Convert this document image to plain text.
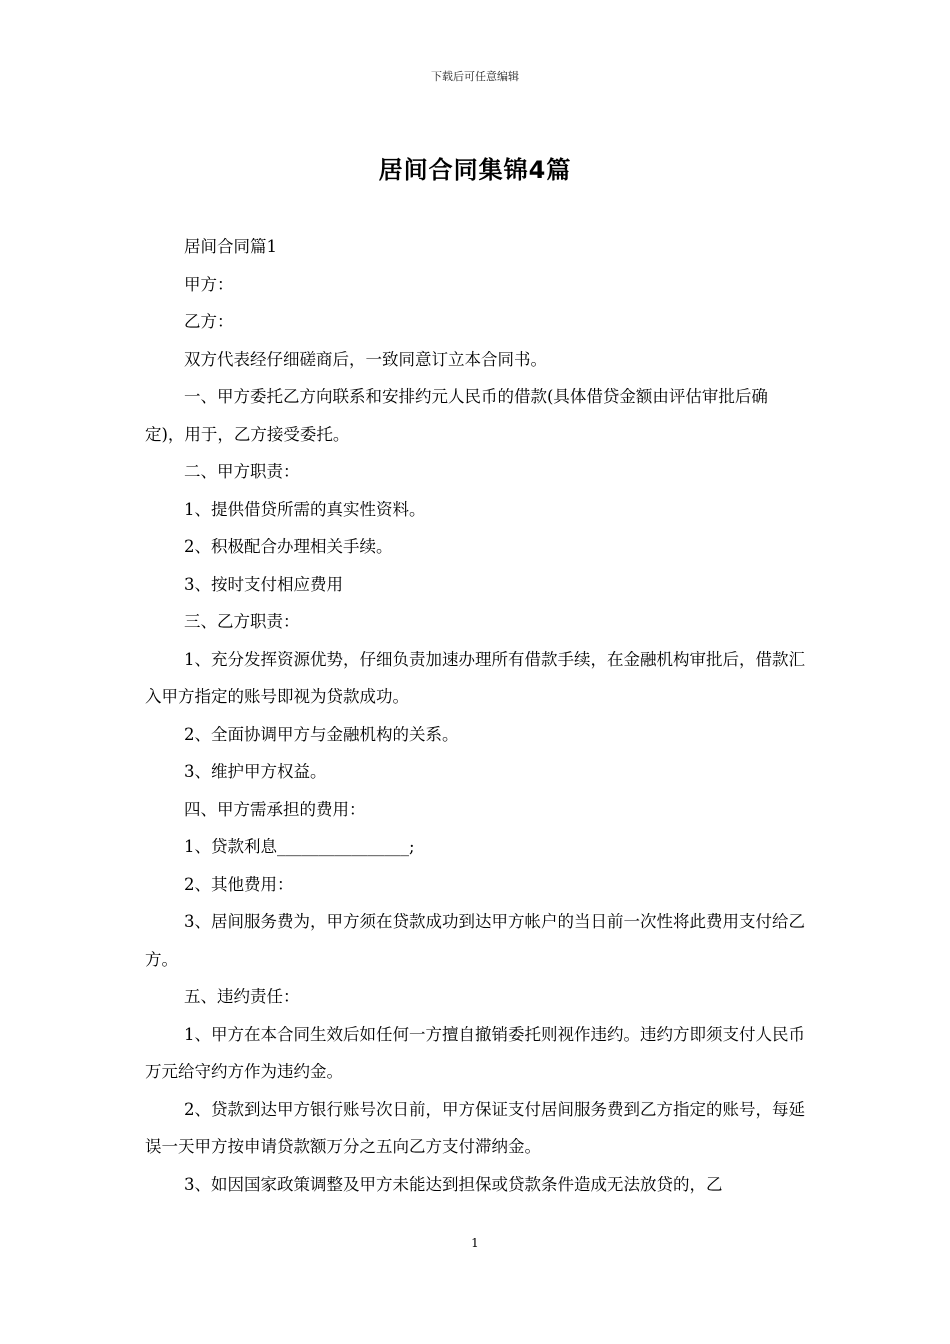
下载后可任意编辑
居间合同集锦4篇

居间合同篇1

甲方：

乙方：

双方代表经仔细磋商后，一致同意订立本合同书。

一、甲方委托乙方向联系和安排约元人民币的借款(具体借贷金额由评估审批后确定)，用于，乙方接受委托。

二、甲方职责：

1、提供借贷所需的真实性资料。

2、积极配合办理相关手续。

3、按时支付相应费用

三、乙方职责：

1、充分发挥资源优势，仔细负责加速办理所有借款手续，在金融机构审批后，借款汇入甲方指定的账号即视为贷款成功。

2、全面协调甲方与金融机构的关系。

3、维护甲方权益。

四、甲方需承担的费用：

1、贷款利息________________;

2、其他费用：

3、居间服务费为，甲方须在贷款成功到达甲方帐户的当日前一次性将此费用支付给乙方。

五、违约责任：

1、甲方在本合同生效后如任何一方擅自撤销委托则视作违约。违约方即须支付人民币万元给守约方作为违约金。

2、贷款到达甲方银行账号次日前，甲方保证支付居间服务费到乙方指定的账号，每延误一天甲方按申请贷款额万分之五向乙方支付滞纳金。

3、如因国家政策调整及甲方未能达到担保或贷款条件造成无法放贷的，乙

1
